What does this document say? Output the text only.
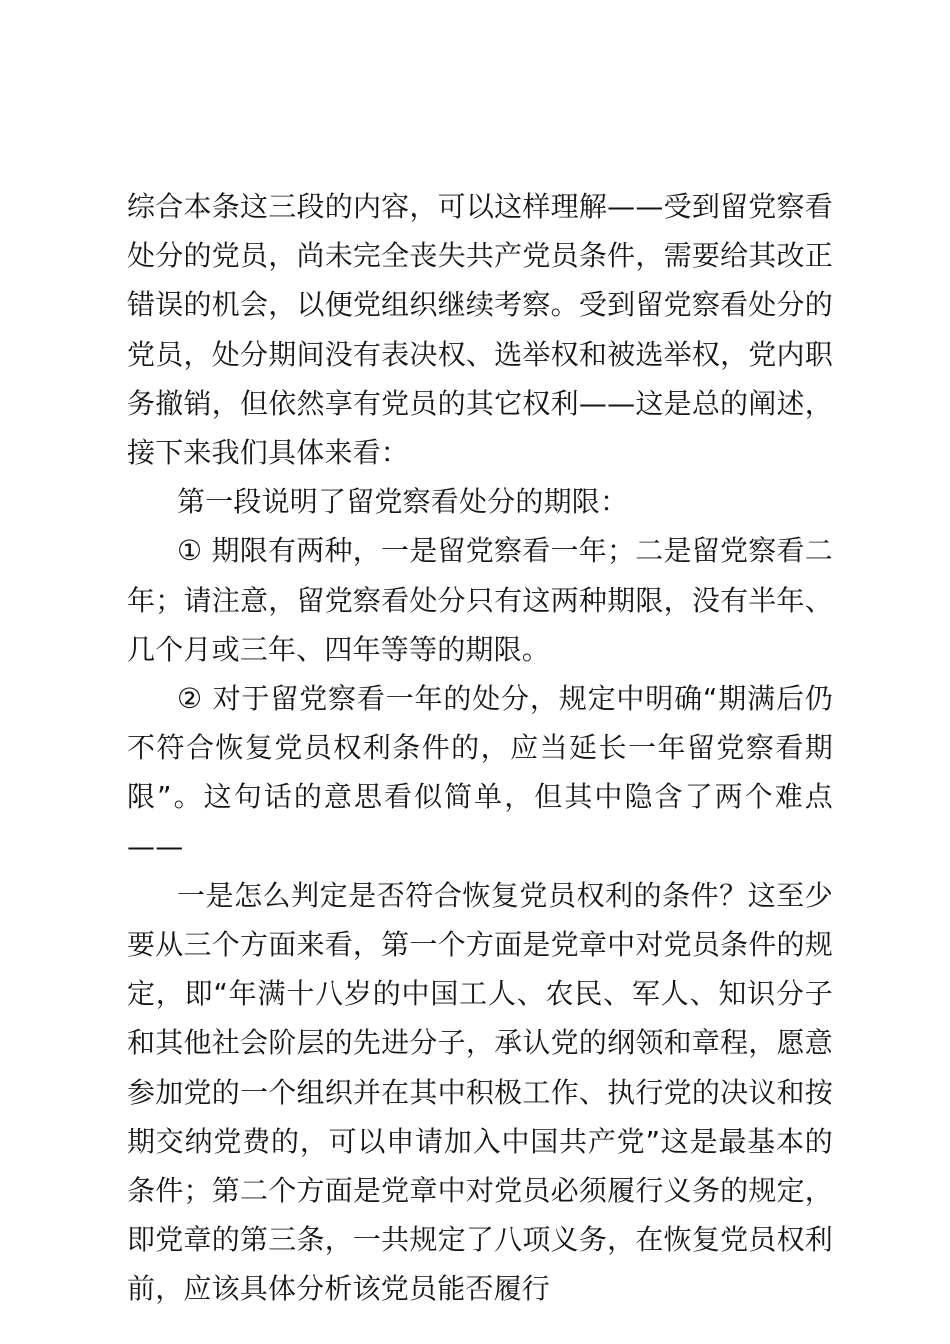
综合本条这三段的内容，可以这样理解——受到留党察看处分的党员，尚未完全丧失共产党员条件，需要给其改正错误的机会，以便党组织继续考察。受到留党察看处分的党员，处分期间没有表决权、选举权和被选举权，党内职务撤销，但依然享有党员的其它权利——这是总的阐述，接下来我们具体来看：

第一段说明了留党察看处分的期限：

① 期限有两种，一是留党察看一年；二是留党察看二年；请注意，留党察看处分只有这两种期限，没有半年、几个月或三年、四年等等的期限。

② 对于留党察看一年的处分，规定中明确“期满后仍不符合恢复党员权利条件的，应当延长一年留党察看期限”。这句话的意思看似简单，但其中隐含了两个难点——

一是怎么判定是否符合恢复党员权利的条件？这至少要从三个方面来看，第一个方面是党章中对党员条件的规定，即“年满十八岁的中国工人、农民、军人、知识分子和其他社会阶层的先进分子，承认党的纲领和章程，愿意参加党的一个组织并在其中积极工作、执行党的决议和按期交纳党费的，可以申请加入中国共产党”这是最基本的条件；第二个方面是党章中对党员必须履行义务的规定，即党章的第三条，一共规定了八项义务，在恢复党员权利前，应该具体分析该党员能否履行
